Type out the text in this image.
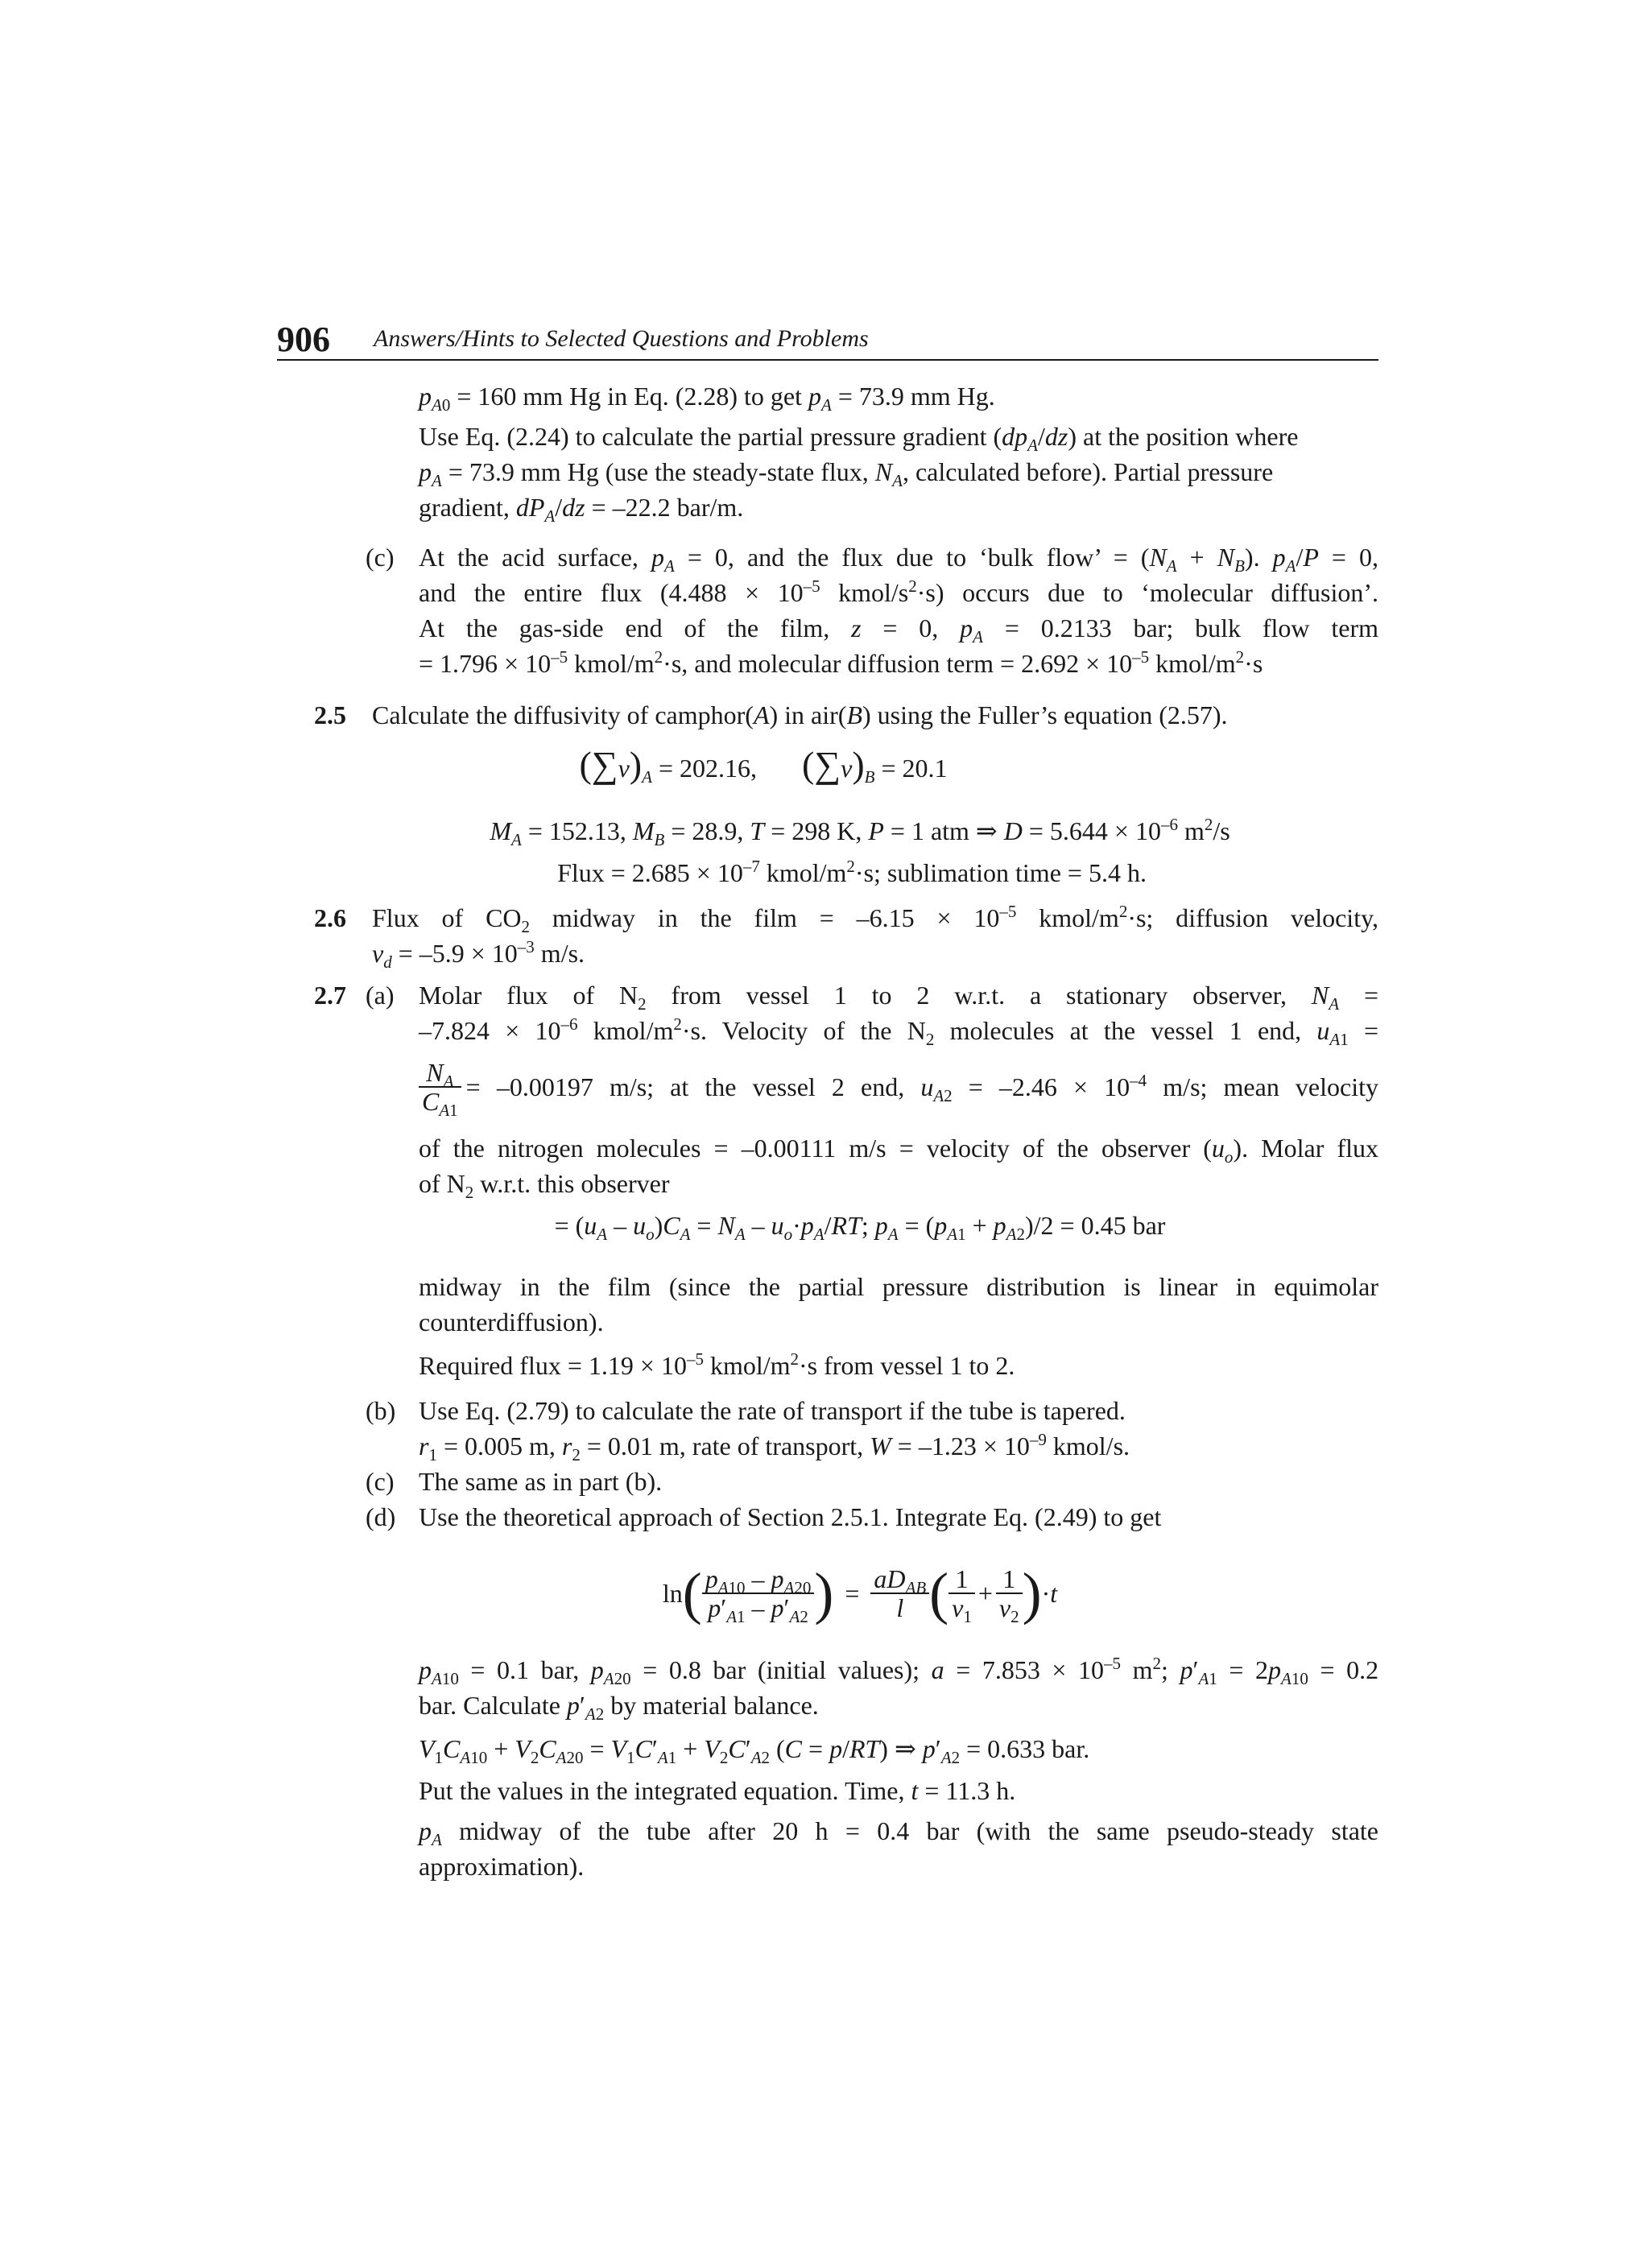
906 Answers/Hints to Selected Questions and Problems
$p_{A0} = 160$ mm Hg in Eq. (2.28) to get $p_A = 73.9$ mm Hg.
Use Eq. (2.24) to calculate the partial pressure gradient $(dp_A/dz)$ at the position where
$p_A = 73.9$ mm Hg (use the steady-state flux, $N_A$, calculated before). Partial pressure
gradient, $dP_A/dz = -22.2$ bar/m.
(c) At the acid surface, $p_A = 0$, and the flux due to ‘bulk flow’ = $(N_A + N_B)$. $p_A/P = 0$,
and the entire flux ($4.488 \times 10^{-5}$ kmol/$s^2\cdot s$) occurs due to ‘molecular diffusion’.
At the gas-side end of the film, z = 0, $p_A = 0.2133$ bar; bulk flow term
= $1.796 \times 10^{-5}$ kmol/$m^2\cdot s$, and molecular diffusion term = $2.692 \times 10^{-5}$ kmol/$m^2\cdot s$
2.5 Calculate the diffusivity of camphor(A) in air(B) using the Fuller’s equation (2.57).
$(\sum v)_A = 202.16$, $(\sum v)_B = 20.1$
$M_A = 152.13$, $M_B = 28.9$, T = 298 K, P = 1 atm ⇒ $D = 5.644 \times 10^{-6}$ $m^2/s$
Flux = $2.685 \times 10^{-7}$ kmol/$m^2\cdot s$; sublimation time = 5.4 h.
2.6 Flux of $CO_2$ midway in the film = $-6.15 \times 10^{-5}$ kmol/$m^2\cdot s$; diffusion velocity,
$v_d = -5.9 \times 10^{-3}$ m/s.
2.7 (a) Molar flux of $N_2$ from vessel 1 to 2 w.r.t. a stationary observer, $N_A$ =
$-7.824 \times 10^{-6}$ kmol/$m^2\cdot s$. Velocity of the $N_2$ molecules at the vessel 1 end, $u_{A1}$ =
$\frac{N_A}{C_{A1}} = -0.00197$ m/s; at the vessel 2 end, $u_{A2} = -2.46 \times 10^{-4}$ m/s; mean velocity
of the nitrogen molecules = –0.00111 m/s = velocity of the observer $(u_o)$. Molar flux
of $N_2$ w.r.t. this observer
= $(u_A - u_o)C_A = N_A - u_o\cdot p_A/RT$; $p_A = (p_{A1} + p_{A2})/2 = 0.45$ bar
midway in the film (since the partial pressure distribution is linear in equimolar
counterdiffusion).
Required flux = $1.19 \times 10^{-5}$ kmol/$m^2\cdot s$ from vessel 1 to 2.
(b) Use Eq. (2.79) to calculate the rate of transport if the tube is tapered.
$r_1 = 0.005$ m, $r_2 = 0.01$ m, rate of transport, $W = -1.23 \times 10^{-9}$ kmol/s.
(c) The same as in part (b).
(d) Use the theoretical approach of Section 2.5.1. Integrate Eq. (2.49) to get
ln ( $\frac{p_{A10} - p_{A20}}{p'_{A1} - p'_{A2}}$ ) = $\frac{aD_{AB}}{l}$ ( $\frac{1}{v_1} + \frac{1}{v_2}$ ) ·t
$p_{A10} = 0.1$ bar, $p_{A20} = 0.8$ bar (initial values); $a = 7.853 \times 10^{-5}$ $m^2$; $p'_{A1} = 2p_{A10} = 0.2$
bar. Calculate $p'_{A2}$ by material balance.
$V_1C_{A10} + V_2C_{A20} = V_1C'_{A1} + V_2C'_{A2}$ (C = p/RT) ⇒ $p'_{A2} = 0.633$ bar.
Put the values in the integrated equation. Time, t = 11.3 h.
$p_A$ midway of the tube after 20 h = 0.4 bar (with the same pseudo-steady state
approximation).
